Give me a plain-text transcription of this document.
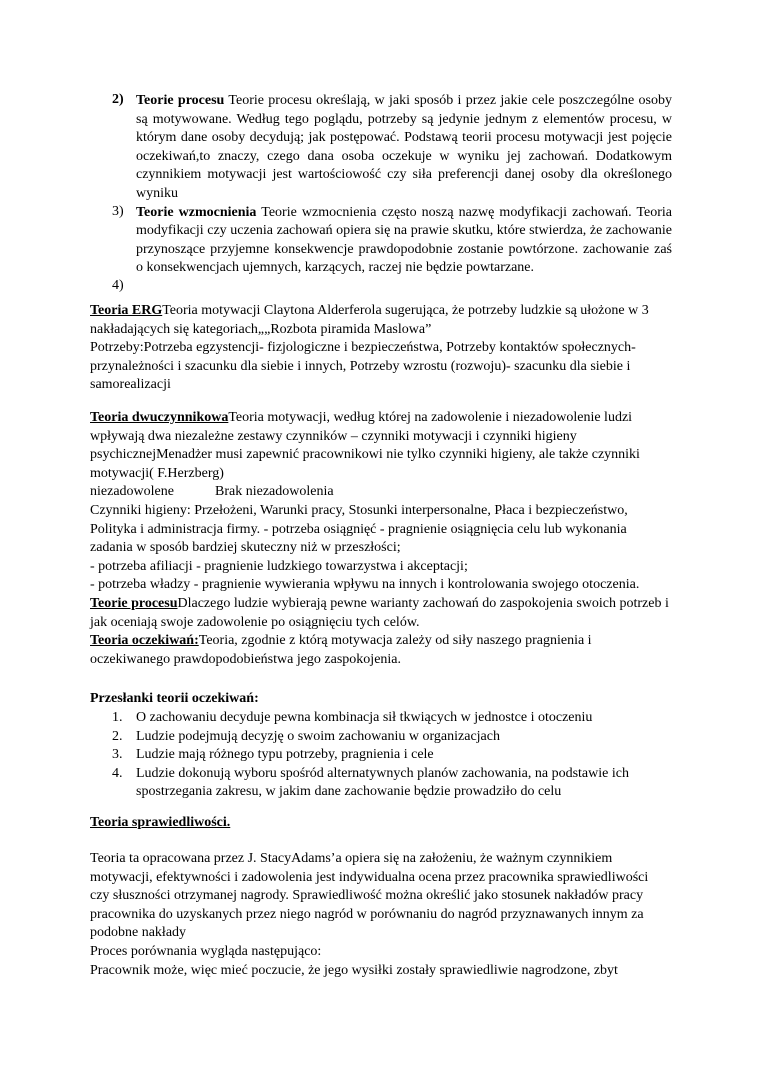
2) Teorie procesu Teorie procesu określają, w jaki sposób i przez jakie cele poszczególne osoby są motywowane. Według tego poglądu, potrzeby są jedynie jednym z elementów procesu, w którym dane osoby decydują; jak postępować. Podstawą teorii procesu motywacji jest pojęcie oczekiwań,to znaczy, czego dana osoba oczekuje w wyniku jej zachowań. Dodatkowym czynnikiem motywacji jest wartościowość czy siła preferencji danej osoby dla określonego wyniku
3) Teorie wzmocnienia Teorie wzmocnienia często noszą nazwę modyfikacji zachowań. Teoria modyfikacji czy uczenia zachowań opiera się na prawie skutku, które stwierdza, że zachowanie przynoszące przyjemne konsekwencje prawdopodobnie zostanie powtórzone. zachowanie zaś o konsekwencjach ujemnych, karzących, raczej nie będzie powtarzane.
4)
Teoria ERGTeoria motywacji Claytona Alderferola sugerująca, że potrzeby ludzkie są ułożone w 3 nakładających się kategoriach„„Rozbota piramida Maslowa”
Potrzeby:Potrzeba egzystencji- fizjologiczne i bezpieczeństwa, Potrzeby kontaktów społecznych- przynależności i szacunku dla siebie i innych, Potrzeby wzrostu (rozwoju)- szacunku dla siebie i samorealizacji
Teoria dwuczynnikowaTeoria motywacji, według której na zadowolenie i niezadowolenie ludzi wpływają dwa niezależne zestawy czynników – czynniki motywacji i czynniki higieny psychicznejMenadżer musi zapewnić pracownikowi nie tylko czynniki higieny, ale także czynniki motywacji( F.Herzberg)
niezadowolene	Brak niezadowolenia
Czynniki higieny: Przełożeni, Warunki pracy, Stosunki interpersonalne, Płaca i bezpieczeństwo, Polityka i administracja firmy. - potrzeba osiągnięć - pragnienie osiągnięcia celu lub wykonania zadania w sposób bardziej skuteczny niż w przeszłości;
- potrzeba afiliacji - pragnienie ludzkiego towarzystwa i akceptacji;
- potrzeba władzy - pragnienie wywierania wpływu na innych i kontrolowania swojego otoczenia.
Teorie procesuDlaczego ludzie wybierają pewne warianty zachowań do zaspokojenia swoich potrzeb i jak oceniają swoje zadowolenie po osiągnięciu tych celów.
Teoria oczekiwań:Teoria, zgodnie z którą motywacja zależy od siły naszego pragnienia i oczekiwanego prawdopodobieństwa jego zaspokojenia.
Przesłanki teorii oczekiwań:
1. O zachowaniu decyduje pewna kombinacja sił tkwiących w jednostce i otoczeniu
2. Ludzie podejmują decyzję o swoim zachowaniu w organizacjach
3. Ludzie mają różnego typu potrzeby, pragnienia i cele
4. Ludzie dokonują wyboru spośród alternatywnych planów zachowania, na podstawie ich spostrzegania zakresu, w jakim dane zachowanie będzie prowadziło do celu
Teoria sprawiedliwości.
Teoria ta opracowana przez J. StacyAdams’a opiera się na założeniu, że ważnym czynnikiem motywacji, efektywności i zadowolenia jest indywidualna ocena przez pracownika sprawiedliwości czy słuszności otrzymanej nagrody. Sprawiedliwość można określić jako stosunek nakładów pracy pracownika do uzyskanych przez niego nagród w porównaniu do nagród przyznawanych innym za podobne nakłady
Proces porównania wygląda następująco:
Pracownik może, więc mieć poczucie, że jego wysiłki zostały sprawiedliwie nagrodzone, zbyt
